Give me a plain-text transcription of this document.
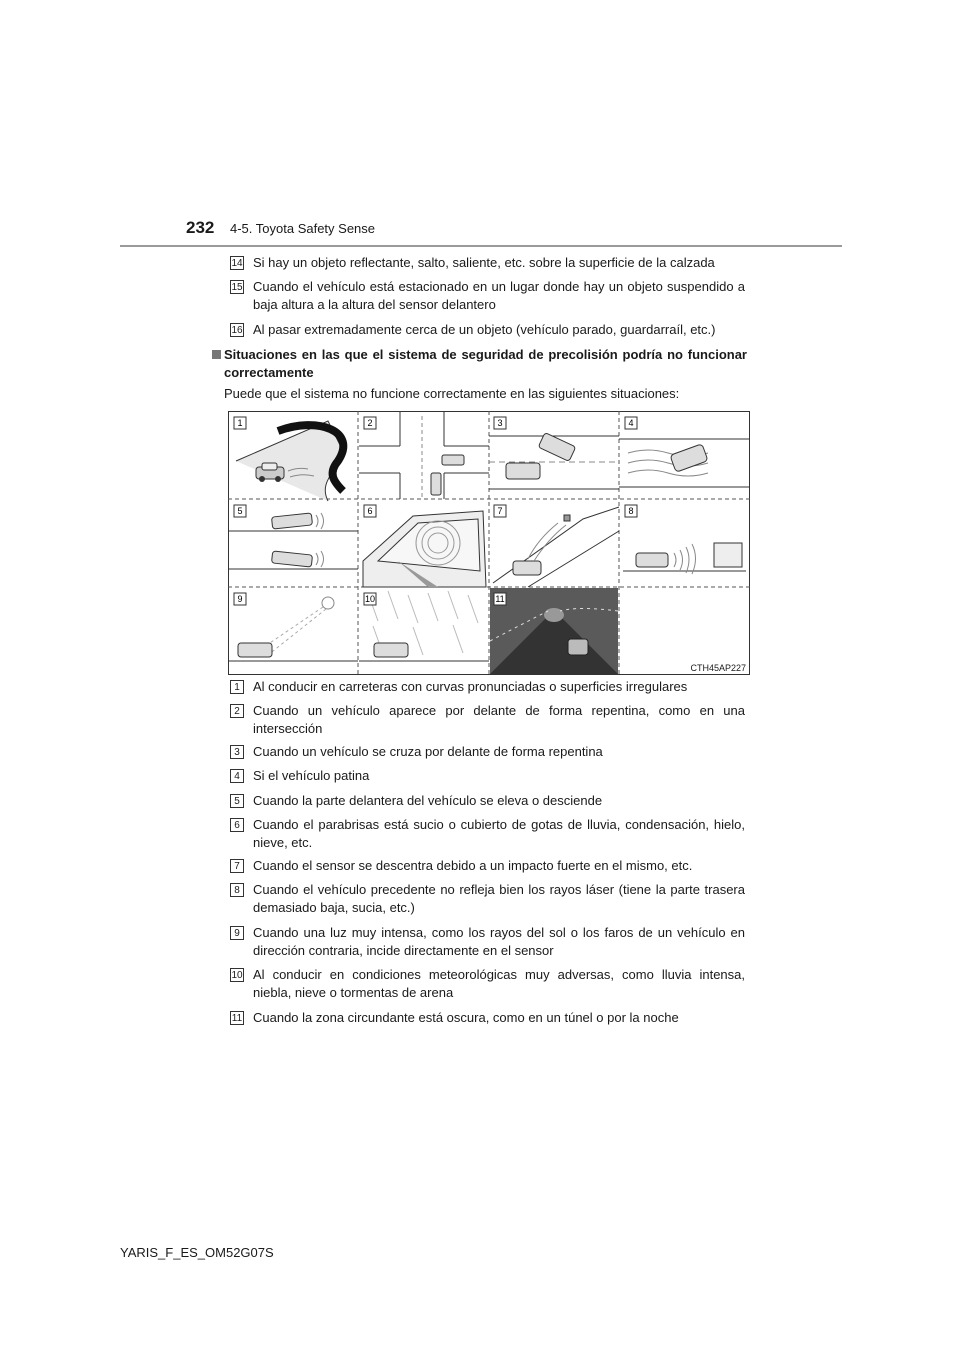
232 4-5. Toyota Safety Sense
14 Si hay un objeto reflectante, salto, saliente, etc. sobre la superficie de la calzada
15 Cuando el vehículo está estacionado en un lugar donde hay un objeto suspendido a baja altura a la altura del sensor delantero
16 Al pasar extremadamente cerca de un objeto (vehículo parado, guardarraíl, etc.)
Situaciones en las que el sistema de seguridad de precolisión podría no funcionar correctamente
Puede que el sistema no funcione correctamente en las siguientes situaciones:
1	2	3	4
5	6	7	8
9	10	11
CTH45AP227
1	Al conducir en carreteras con curvas pronunciadas o superficies irregulares
2	Cuando un vehículo aparece por delante de forma repentina, como en una intersección
3	Cuando un vehículo se cruza por delante de forma repentina
4	Si el vehículo patina
5	Cuando la parte delantera del vehículo se eleva o desciende
6	Cuando el parabrisas está sucio o cubierto de gotas de lluvia, condensación, hielo, nieve, etc.
7	Cuando el sensor se descentra debido a un impacto fuerte en el mismo, etc.
8	Cuando el vehículo precedente no refleja bien los rayos láser (tiene la parte trasera demasiado baja, sucia, etc.)
9	Cuando una luz muy intensa, como los rayos del sol o los faros de un vehículo en dirección contraria, incide directamente en el sensor
10 Al conducir en condiciones meteorológicas muy adversas, como lluvia intensa, niebla, nieve o tormentas de arena
11 Cuando la zona circundante está oscura, como en un túnel o por la noche
YARIS_F_ES_OM52G07S
